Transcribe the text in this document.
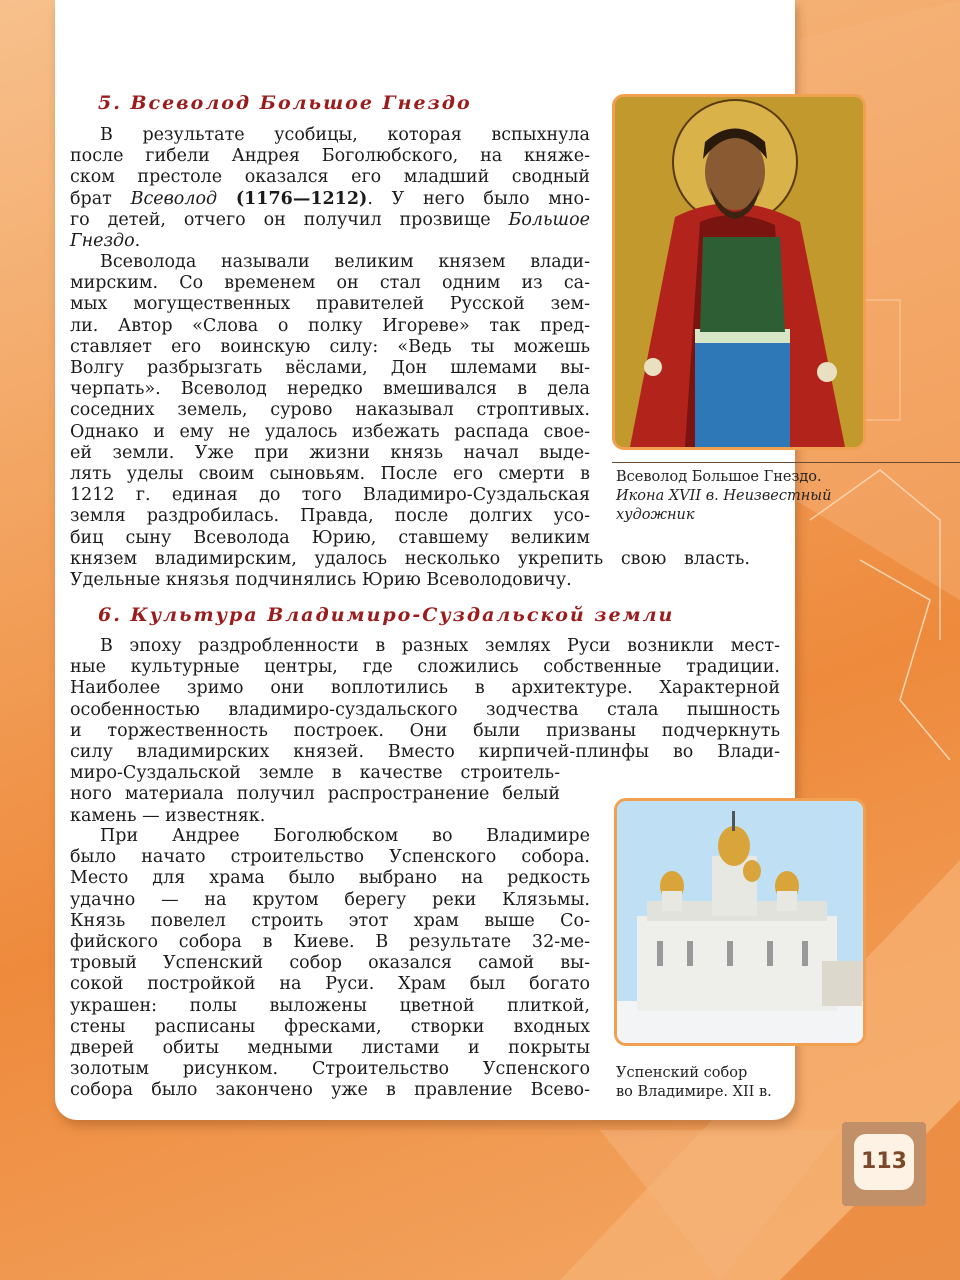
5. Всеволод Большое Гнездо
В результате усобицы, которая вспыхнула
после гибели Андрея Боголюбского, на княже-
ском престоле оказался его младший сводный
брат Всеволод (1176—1212). У него было мно-
го детей, отчего он получил прозвище Большое
Гнездо.
Всеволода называли великим князем влади-
мирским. Со временем он стал одним из са-
мых могущественных правителей Русской зем-
ли. Автор «Слова о полку Игореве» так пред-
ставляет его воинскую силу: «Ведь ты можешь
Волгу разбрызгать вёслами, Дон шлемами вы-
черпать». Всеволод нередко вмешивался в дела
соседних земель, сурово наказывал строптивых.
Однако и ему не удалось избежать распада свое-
ей земли. Уже при жизни князь начал выде-
лять уделы своим сыновьям. После его смерти в
1212 г. единая до того Владимиро-Суздальская
земля раздробилась. Правда, после долгих усо-
биц сыну Всеволода Юрию, ставшему великим
князем владимирским, удалось несколько укрепить свою власть.
Удельные князья подчинялись Юрию Всеволодовичу.

Всеволод Большое Гнездо.
Икона XVII в. Неизвестный
художник

6. Культура Владимиро-Суздальской земли
В эпоху раздробленности в разных землях Руси возникли мест-
ные культурные центры, где сложились собственные традиции.
Наиболее зримо они воплотились в архитектуре. Характерной
особенностью владимиро-суздальского зодчества стала пышность
и торжественность построек. Они были призваны подчеркнуть
силу владимирских князей. Вместо кирпичей-плинфы во Влади-
миро-Суздальской земле в качестве строитель-
ного материала получил распространение белый
камень — известняк.
При Андрее Боголюбском во Владимире
было начато строительство Успенского собора.
Место для храма было выбрано на редкость
удачно — на крутом берегу реки Клязьмы.
Князь повелел строить этот храм выше Со-
фийского собора в Киеве. В результате 32-ме-
тровый Успенский собор оказался самой вы-
сокой постройкой на Руси. Храм был богато
украшен: полы выложены цветной плиткой,
стены расписаны фресками, створки входных
дверей обиты медными листами и покрыты
золотым рисунком. Строительство Успенского
собора было закончено уже в правление Всево-

Успенский собор
во Владимире. XII в.

113
